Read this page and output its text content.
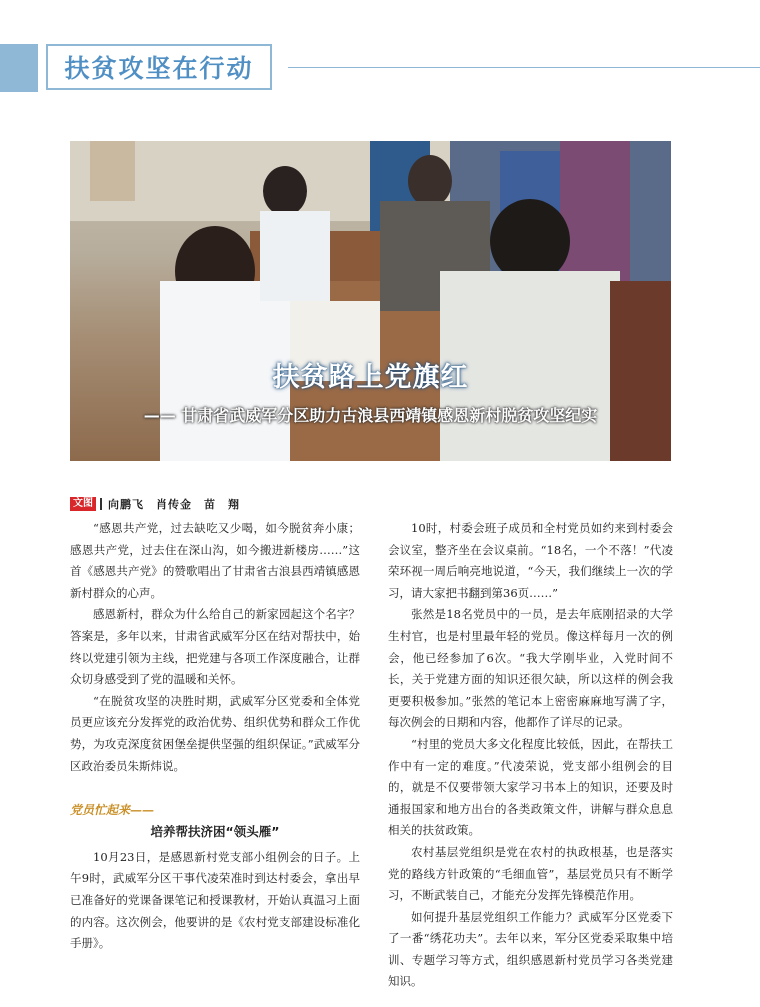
扶贫攻坚在行动
扶贫路上党旗红
—— 甘肃省武威军分区助力古浪县西靖镇感恩新村脱贫攻坚纪实
文图 向鹏飞　肖传金　苗　翔

“感恩共产党，过去缺吃又少喝，如今脱贫奔小康；感恩共产党，过去住在深山沟，如今搬进新楼房……”这首《感恩共产党》的赞歌唱出了甘肃省古浪县西靖镇感恩新村群众的心声。

感恩新村，群众为什么给自己的新家园起这个名字？答案是，多年以来，甘肃省武威军分区在结对帮扶中，始终以党建引领为主线，把党建与各项工作深度融合，让群众切身感受到了党的温暖和关怀。

“在脱贫攻坚的决胜时期，武威军分区党委和全体党员更应该充分发挥党的政治优势、组织优势和群众工作优势，为攻克深度贫困堡垒提供坚强的组织保证。”武威军分区政治委员朱斯炜说。

党员忙起来——
培养帮扶济困“领头雁”

10月23日，是感恩新村党支部小组例会的日子。上午9时，武威军分区干事代凌荣准时到达村委会，拿出早已准备好的党课备课笔记和授课教材，开始认真温习上面的内容。这次例会，他要讲的是《农村党支部建设标准化手册》。

10时，村委会班子成员和全村党员如约来到村委会会议室，整齐坐在会议桌前。“18名，一个不落！”代凌荣环视一周后响亮地说道，“今天，我们继续上一次的学习，请大家把书翻到第36页……”

张然是18名党员中的一员，是去年底刚招录的大学生村官，也是村里最年轻的党员。像这样每月一次的例会，他已经参加了6次。“我大学刚毕业，入党时间不长，关于党建方面的知识还很欠缺，所以这样的例会我更要积极参加。”张然的笔记本上密密麻麻地写满了字，每次例会的日期和内容，他都作了详尽的记录。

“村里的党员大多文化程度比较低，因此，在帮扶工作中有一定的难度。”代凌荣说，党支部小组例会的目的，就是不仅要带领大家学习书本上的知识，还要及时通报国家和地方出台的各类政策文件，讲解与群众息息相关的扶贫政策。

农村基层党组织是党在农村的执政根基，也是落实党的路线方针政策的“毛细血管”，基层党员只有不断学习，不断武装自己，才能充分发挥先锋模范作用。

如何提升基层党组织工作能力？武威军分区党委下了一番“绣花功夫”。去年以来，军分区党委采取集中培训、专题学习等方式，组织感恩新村党员学习各类党建知识。
